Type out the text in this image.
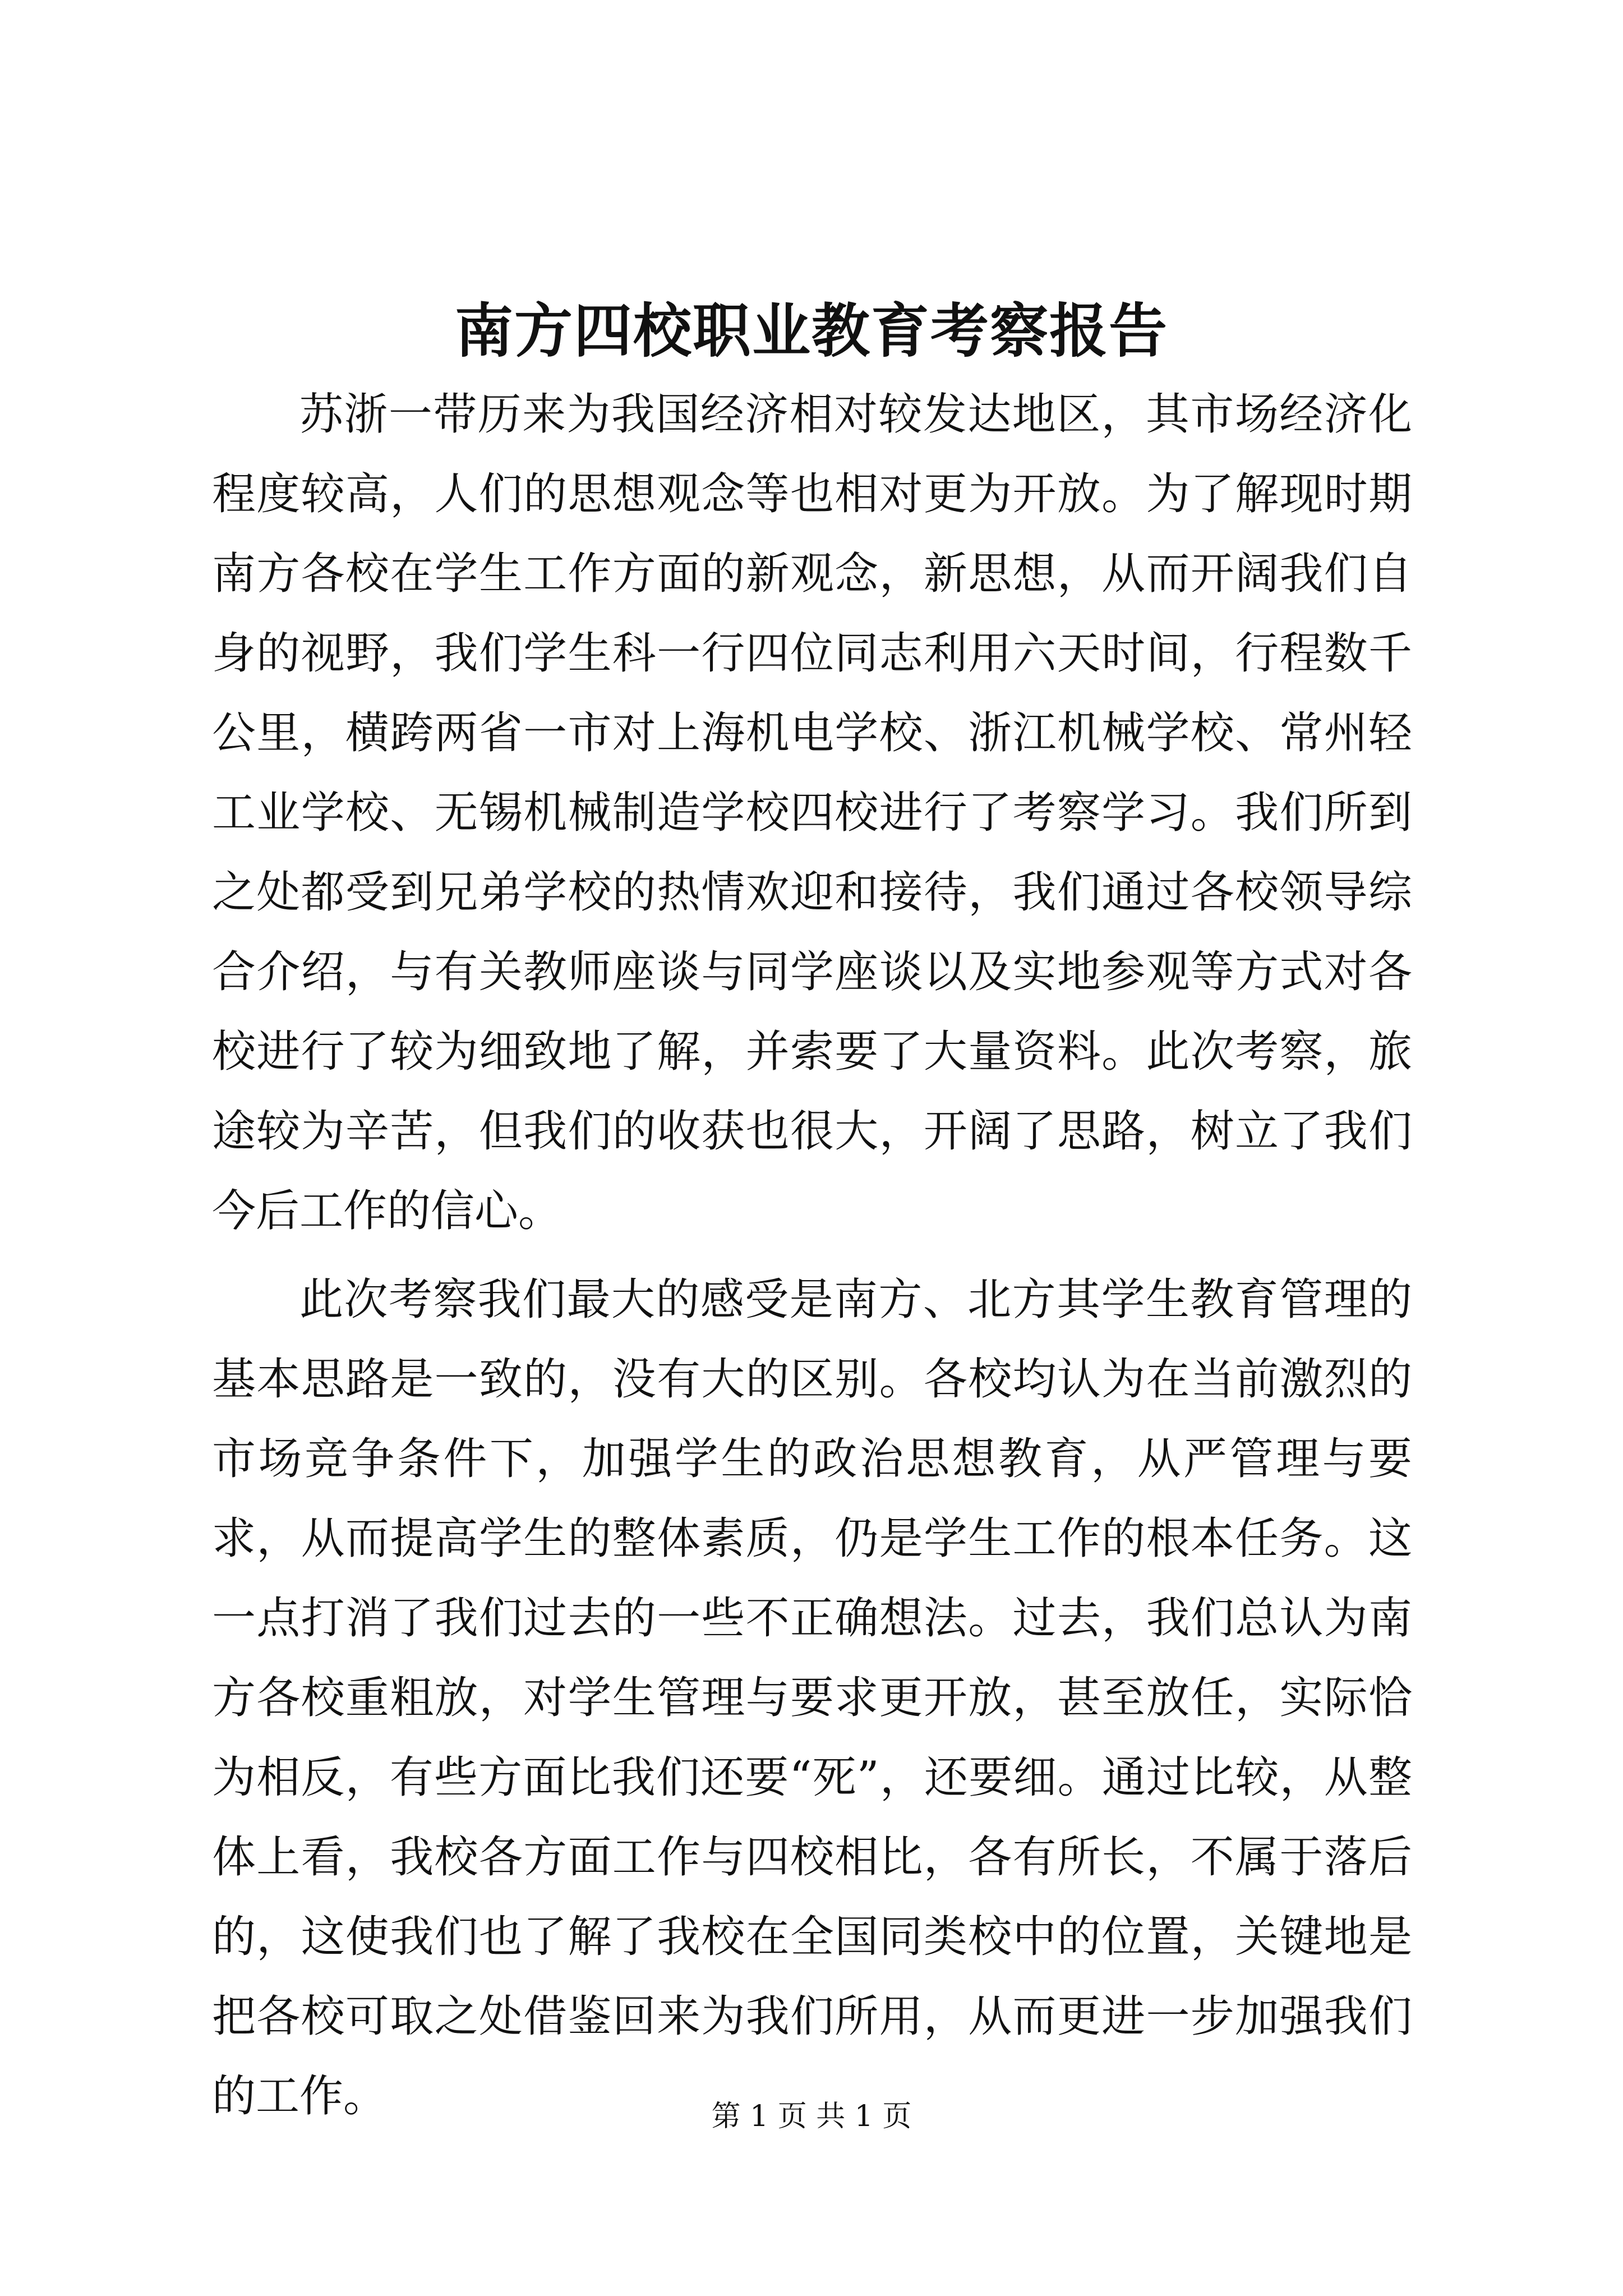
南方四校职业教育考察报告

苏浙一带历来为我国经济相对较发达地区，其市场经济化程度较高，人们的思想观念等也相对更为开放。为了解现时期南方各校在学生工作方面的新观念，新思想，从而开阔我们自身的视野，我们学生科一行四位同志利用六天时间，行程数千公里，横跨两省一市对上海机电学校、浙江机械学校、常州轻工业学校、无锡机械制造学校四校进行了考察学习。我们所到之处都受到兄弟学校的热情欢迎和接待，我们通过各校领导综合介绍，与有关教师座谈与同学座谈以及实地参观等方式对各校进行了较为细致地了解，并索要了大量资料。此次考察，旅途较为辛苦，但我们的收获也很大，开阔了思路，树立了我们今后工作的信心。

此次考察我们最大的感受是南方、北方其学生教育管理的基本思路是一致的，没有大的区别。各校均认为在当前激烈的市场竞争条件下，加强学生的政治思想教育，从严管理与要求，从而提高学生的整体素质，仍是学生工作的根本任务。这一点打消了我们过去的一些不正确想法。过去，我们总认为南方各校重粗放，对学生管理与要求更开放，甚至放任，实际恰为相反，有些方面比我们还要“死”，还要细。通过比较，从整体上看，我校各方面工作与四校相比，各有所长，不属于落后的，这使我们也了解了我校在全国同类校中的位置，关键地是把各校可取之处借鉴回来为我们所用，从而更进一步加强我们的工作。	第 1 页 共 1 页
